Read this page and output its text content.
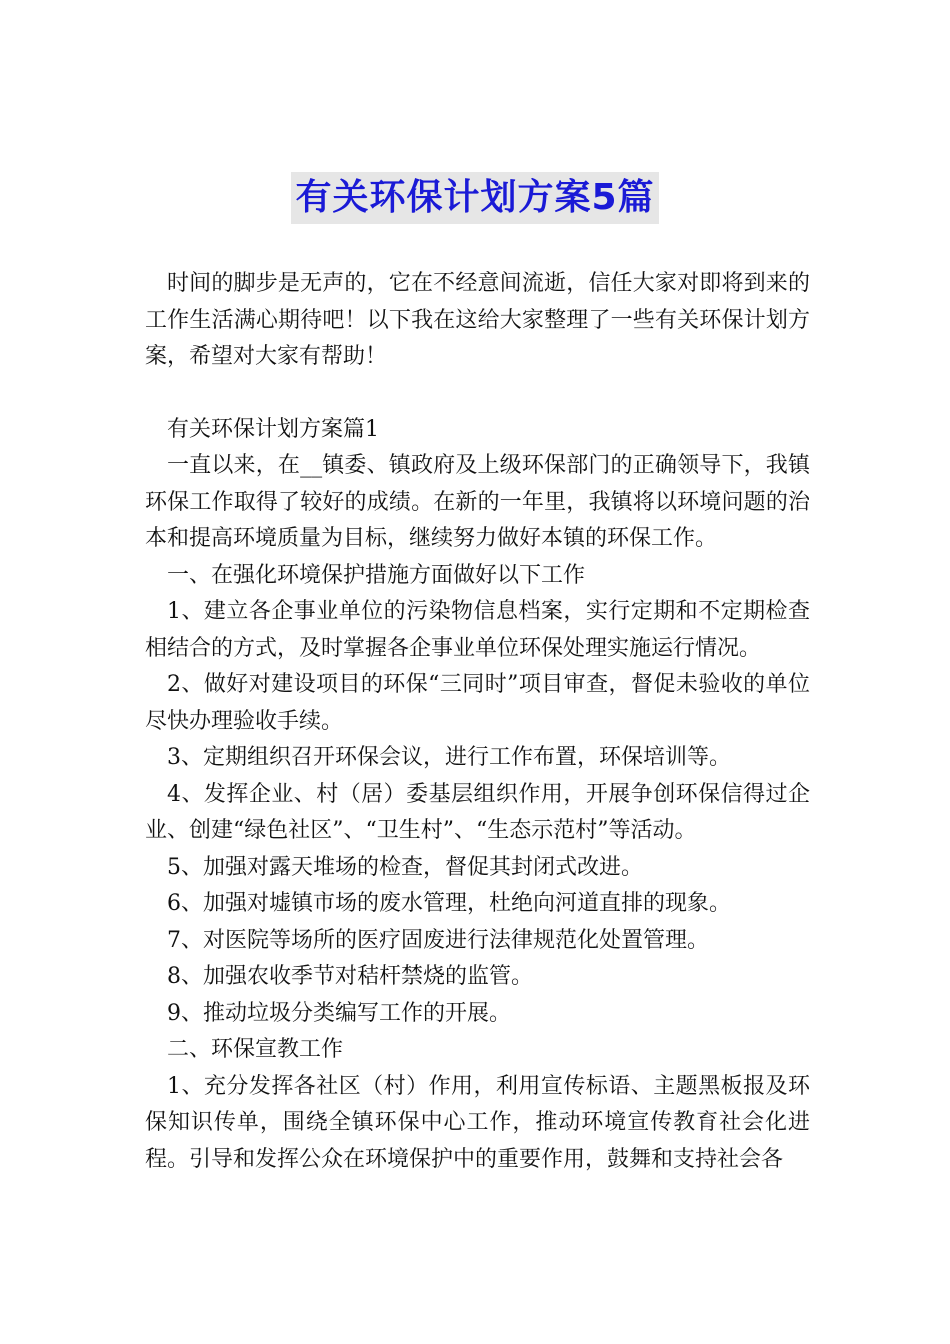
有关环保计划方案5篇

时间的脚步是无声的，它在不经意间流逝，信任大家对即将到来的工作生活满心期待吧！以下我在这给大家整理了一些有关环保计划方案，希望对大家有帮助！

有关环保计划方案篇1

一直以来，在__镇委、镇政府及上级环保部门的正确领导下，我镇环保工作取得了较好的成绩。在新的一年里，我镇将以环境问题的治本和提高环境质量为目标，继续努力做好本镇的环保工作。

一、在强化环境保护措施方面做好以下工作

1、建立各企事业单位的污染物信息档案，实行定期和不定期检查相结合的方式，及时掌握各企事业单位环保处理实施运行情况。

2、做好对建设项目的环保“三同时”项目审查，督促未验收的单位尽快办理验收手续。

3、定期组织召开环保会议，进行工作布置，环保培训等。

4、发挥企业、村（居）委基层组织作用，开展争创环保信得过企业、创建“绿色社区”、“卫生村”、“生态示范村”等活动。

5、加强对露天堆场的检查，督促其封闭式改进。

6、加强对墟镇市场的废水管理，杜绝向河道直排的现象。

7、对医院等场所的医疗固废进行法律规范化处置管理。

8、加强农收季节对秸杆禁烧的监管。

9、推动垃圾分类编写工作的开展。

二、环保宣教工作

1、充分发挥各社区（村）作用，利用宣传标语、主题黑板报及环保知识传单，围绕全镇环保中心工作，推动环境宣传教育社会化进程。引导和发挥公众在环境保护中的重要作用，鼓舞和支持社会各
